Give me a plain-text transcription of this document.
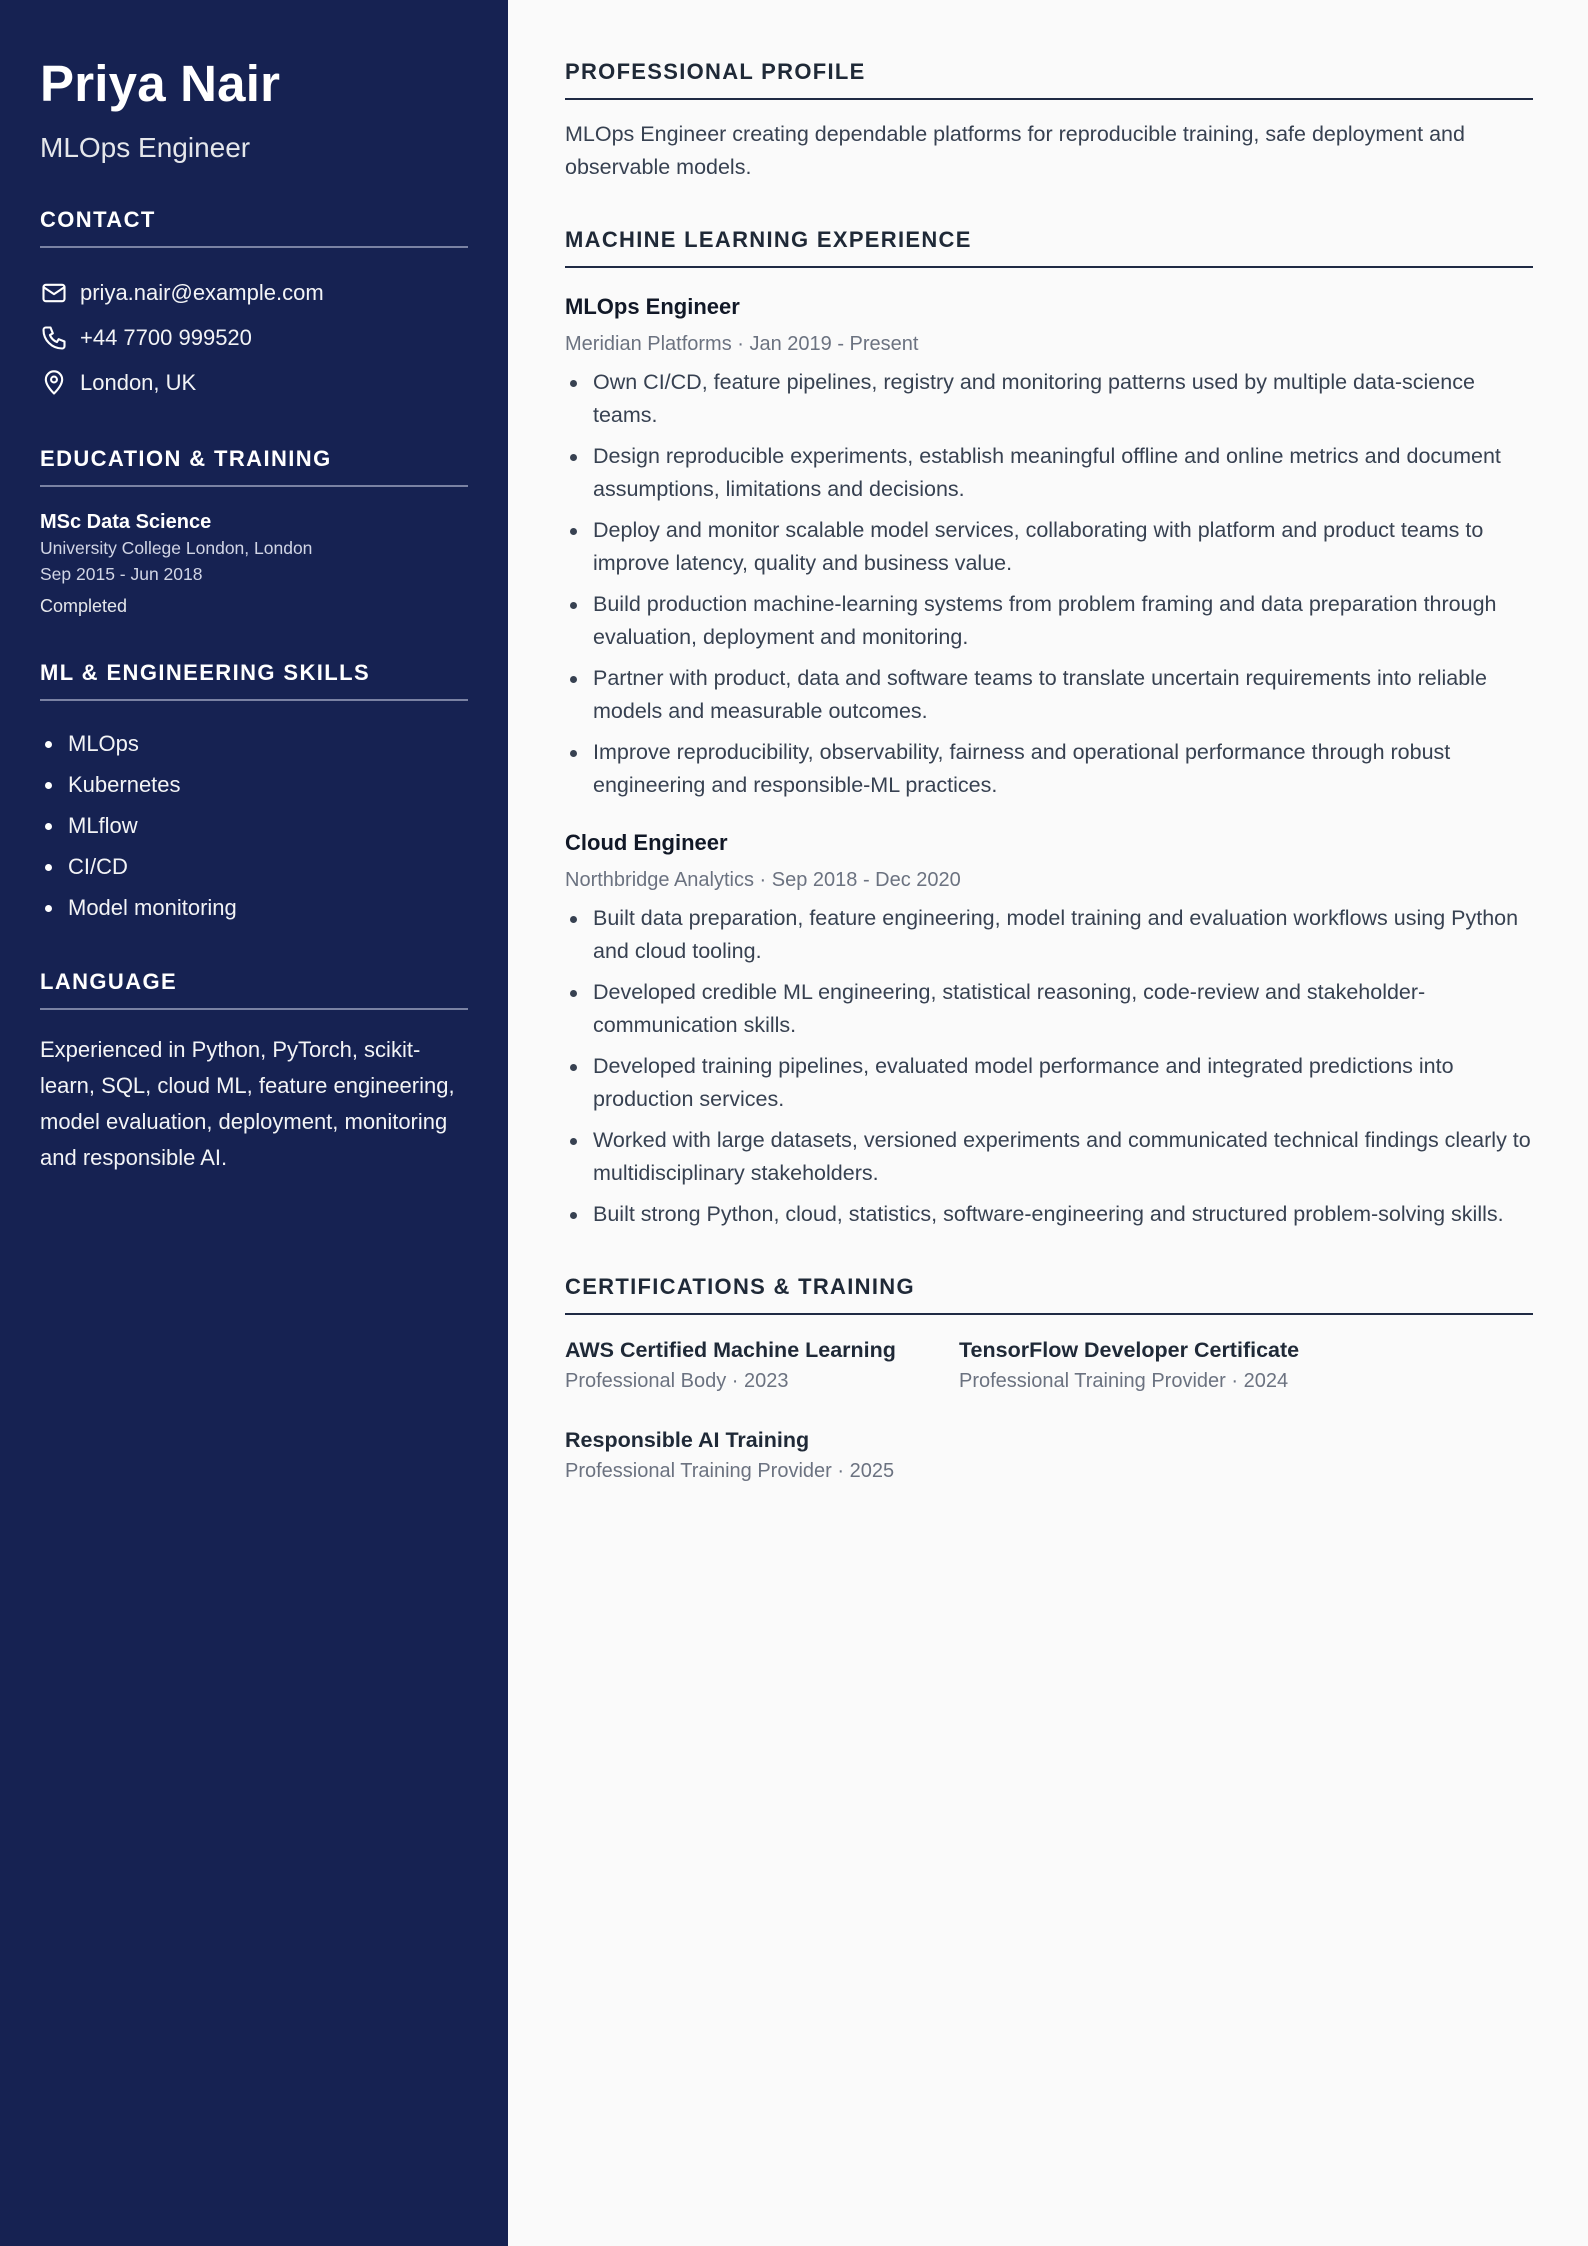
Priya Nair
MLOps Engineer
CONTACT
priya.nair@example.com
+44 7700 999520
London, UK
EDUCATION & TRAINING
MSc Data Science
University College London, London
Sep 2015 - Jun 2018
Completed
ML & ENGINEERING SKILLS
MLOps
Kubernetes
MLflow
CI/CD
Model monitoring
LANGUAGE

Experienced in Python, PyTorch, scikit-learn, SQL, cloud ML, feature engineering, model evaluation, deployment, monitoring and responsible AI.

PROFESSIONAL PROFILE

MLOps Engineer creating dependable platforms for reproducible training, safe deployment and observable models.

MACHINE LEARNING EXPERIENCE
MLOps Engineer
Meridian Platforms · Jan 2019 - Present
Own CI/CD, feature pipelines, registry and monitoring patterns used by multiple data-science teams.
Design reproducible experiments, establish meaningful offline and online metrics and document assumptions, limitations and decisions.
Deploy and monitor scalable model services, collaborating with platform and product teams to improve latency, quality and business value.
Build production machine-learning systems from problem framing and data preparation through evaluation, deployment and monitoring.
Partner with product, data and software teams to translate uncertain requirements into reliable models and measurable outcomes.
Improve reproducibility, observability, fairness and operational performance through robust engineering and responsible-ML practices.
Cloud Engineer
Northbridge Analytics · Sep 2018 - Dec 2020
Built data preparation, feature engineering, model training and evaluation workflows using Python and cloud tooling.
Developed credible ML engineering, statistical reasoning, code-review and stakeholder-communication skills.
Developed training pipelines, evaluated model performance and integrated predictions into production services.
Worked with large datasets, versioned experiments and communicated technical findings clearly to multidisciplinary stakeholders.
Built strong Python, cloud, statistics, software-engineering and structured problem-solving skills.
CERTIFICATIONS & TRAINING
AWS Certified Machine Learning
Professional Body · 2023
TensorFlow Developer Certificate
Professional Training Provider · 2024
Responsible AI Training
Professional Training Provider · 2025
